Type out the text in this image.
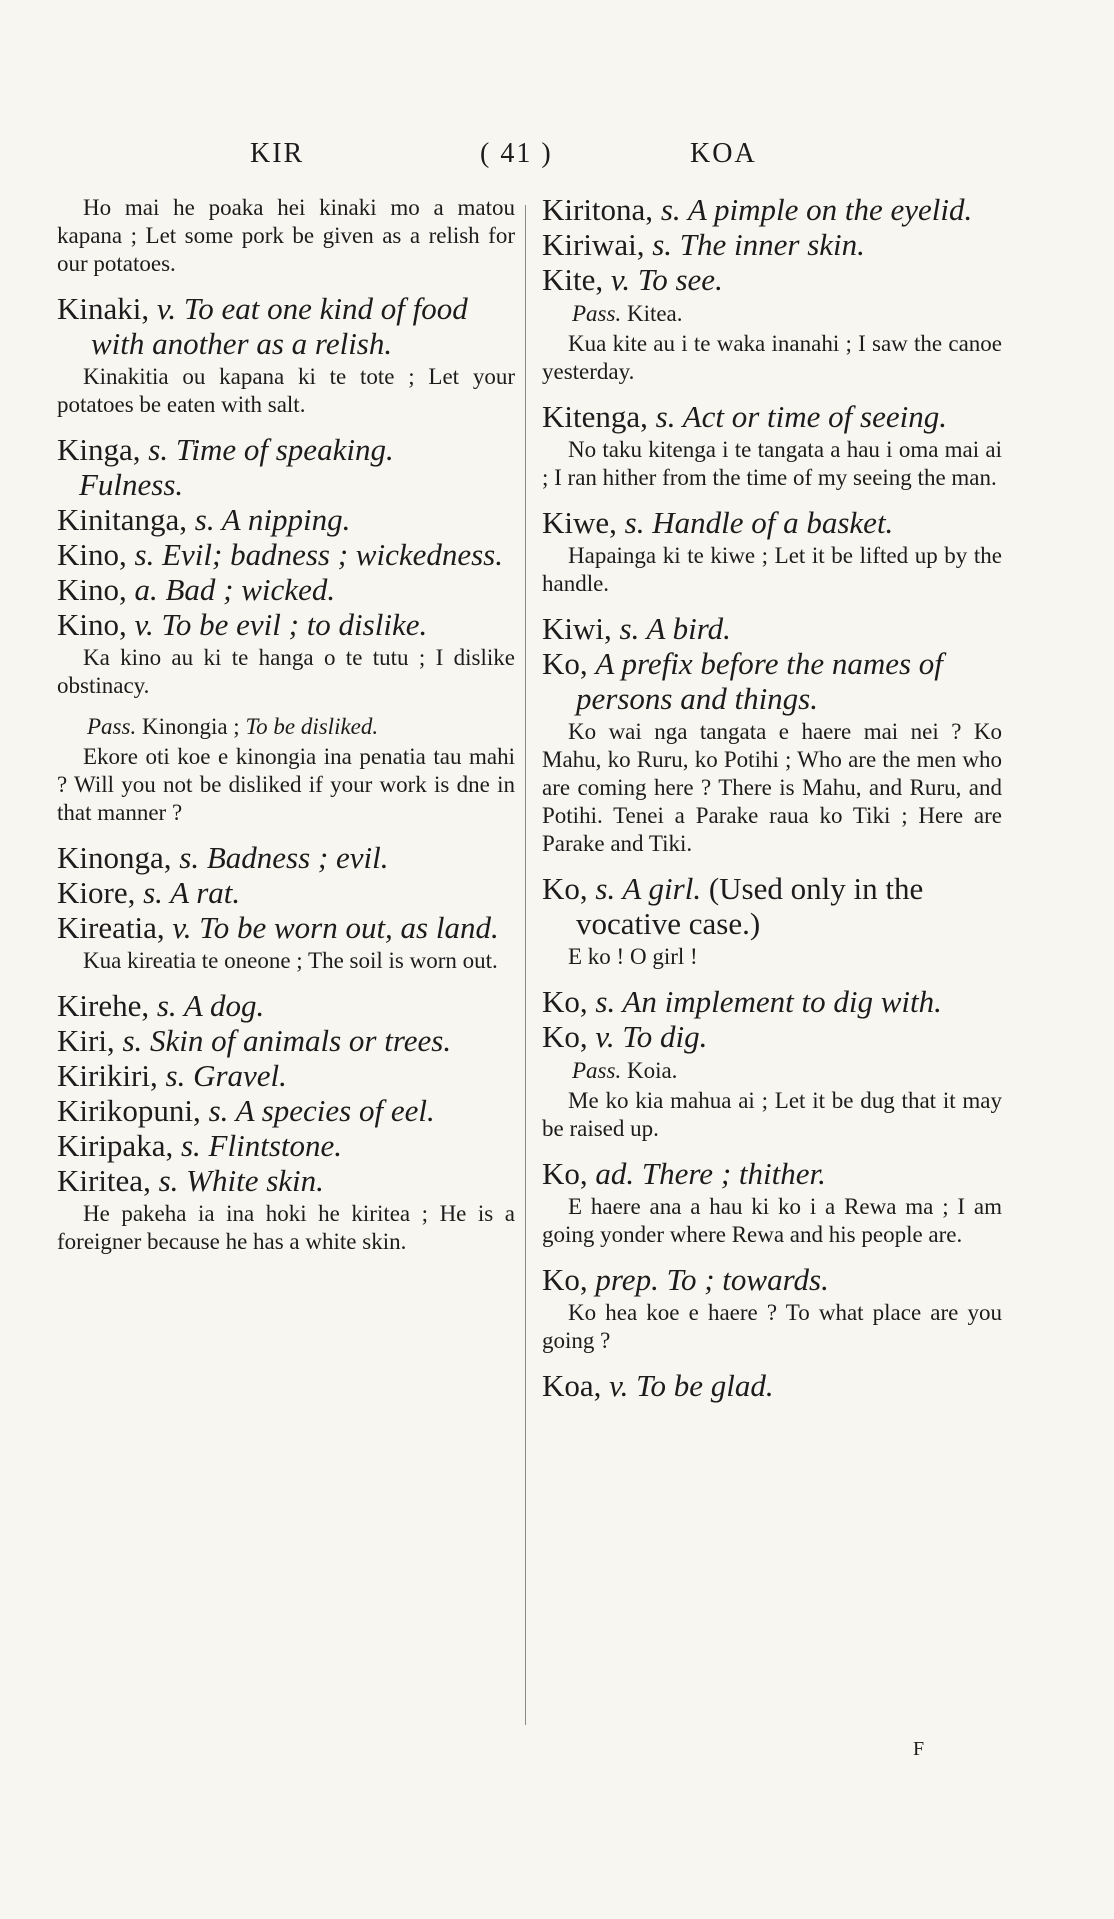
KIR	( 41 )	KOA

Ho mai he poaka hei kinaki mo a matou kapana ; Let some pork be given as a relish for our potatoes.

Kinaki, v. To eat one kind of food with another as a relish.

Kinakitia ou kapana ki te tote ; Let your potatoes be eaten with salt.

Kinga, s. Time of speaking.

Fulness.

Kinitanga, s. A nipping.

Kino, s. Evil; badness ; wickedness.

Kino, a. Bad ; wicked.

Kino, v. To be evil ; to dislike.

Ka kino au ki te hanga o te tutu ; I dislike obstinacy.

Pass. Kinongia ; To be disliked.

Ekore oti koe e kinongia ina penatia tau mahi ? Will you not be disliked if your work is dne in that manner ?

Kinonga, s. Badness ; evil.

Kiore, s. A rat.

Kireatia, v. To be worn out, as land.

Kua kireatia te oneone ; The soil is worn out.

Kirehe, s. A dog.

Kiri, s. Skin of animals or trees.

Kirikiri, s. Gravel.

Kirikopuni, s. A species of eel.

Kiripaka, s. Flintstone.

Kiritea, s. White skin.

He pakeha ia ina hoki he kiritea ; He is a foreigner because he has a white skin.

Kiritona, s. A pimple on the eyelid.

Kiriwai, s. The inner skin.

Kite, v. To see.

Pass. Kitea.

Kua kite au i te waka inanahi ; I saw the canoe yesterday.

Kitenga, s. Act or time of seeing.

No taku kitenga i te tangata a hau i oma mai ai ; I ran hither from the time of my seeing the man.

Kiwe, s. Handle of a basket.

Hapainga ki te kiwe ; Let it be lifted up by the handle.

Kiwi, s. A bird.

Ko, A prefix before the names of persons and things.

Ko wai nga tangata e haere mai nei ? Ko Mahu, ko Ruru, ko Potihi ; Who are the men who are coming here ? There is Mahu, and Ruru, and Potihi. Tenei a Parake raua ko Tiki ; Here are Parake and Tiki.

Ko, s. A girl. (Used only in the vocative case.)

E ko ! O girl !

Ko, s. An implement to dig with.

Ko, v. To dig.

Pass. Koia.

Me ko kia mahua ai ; Let it be dug that it may be raised up.

Ko, ad. There ; thither.

E haere ana a hau ki ko i a Rewa ma ; I am going yonder where Rewa and his people are.

Ko, prep. To ; towards.

Ko hea koe e haere ? To what place are you going ?

Koa, v. To be glad.

F
